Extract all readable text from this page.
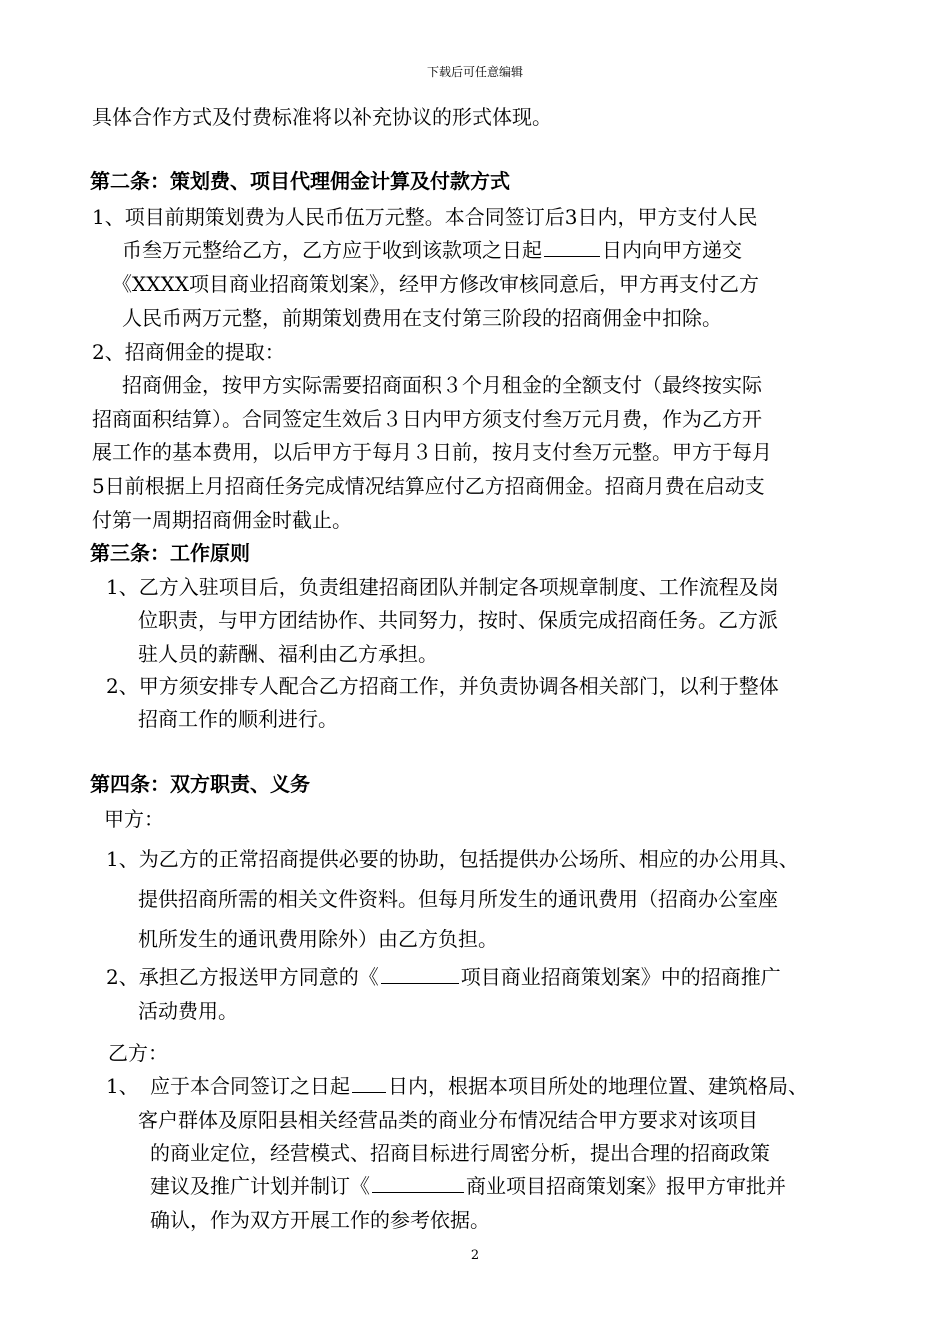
下载后可任意编辑
具体合作方式及付费标准将以补充协议的形式体现。
第二条：策划费、项目代理佣金计算及付款方式
1、项目前期策划费为人民币伍万元整。本合同签订后3日内，甲方支付人民
币叁万元整给乙方，乙方应于收到该款项之日起	日内向甲方递交
《XXXX项目商业招商策划案》，经甲方修改审核同意后，甲方再支付乙方
人民币两万元整，前期策划费用在支付第三阶段的招商佣金中扣除。
2、招商佣金的提取：
招商佣金，按甲方实际需要招商面积３个月租金的全额支付（最终按实际
招商面积结算）。合同签定生效后３日内甲方须支付叁万元月费，作为乙方开
展工作的基本费用，以后甲方于每月３日前，按月支付叁万元整。甲方于每月
5日前根据上月招商任务完成情况结算应付乙方招商佣金。招商月费在启动支
付第一周期招商佣金时截止。
第三条：工作原则
1、乙方入驻项目后，负责组建招商团队并制定各项规章制度、工作流程及岗
位职责，与甲方团结协作、共同努力，按时、保质完成招商任务。乙方派
驻人员的薪酬、福利由乙方承担。
2、甲方须安排专人配合乙方招商工作，并负责协调各相关部门，以利于整体
招商工作的顺利进行。
第四条：双方职责、义务
甲方：
1、为乙方的正常招商提供必要的协助，包括提供办公场所、相应的办公用具、
提供招商所需的相关文件资料。但每月所发生的通讯费用（招商办公室座
机所发生的通讯费用除外）由乙方负担。
2、承担乙方报送甲方同意的《	项目商业招商策划案》中的招商推广
活动费用。
乙方：
1、 应于本合同签订之日起 日内，根据本项目所处的地理位置、建筑格局、
客户群体及原阳县相关经营品类的商业分布情况结合甲方要求对该项目
的商业定位，经营模式、招商目标进行周密分析，提出合理的招商政策
建议及推广计划并制订《	商业项目招商策划案》报甲方审批并
确认，作为双方开展工作的参考依据。
2
